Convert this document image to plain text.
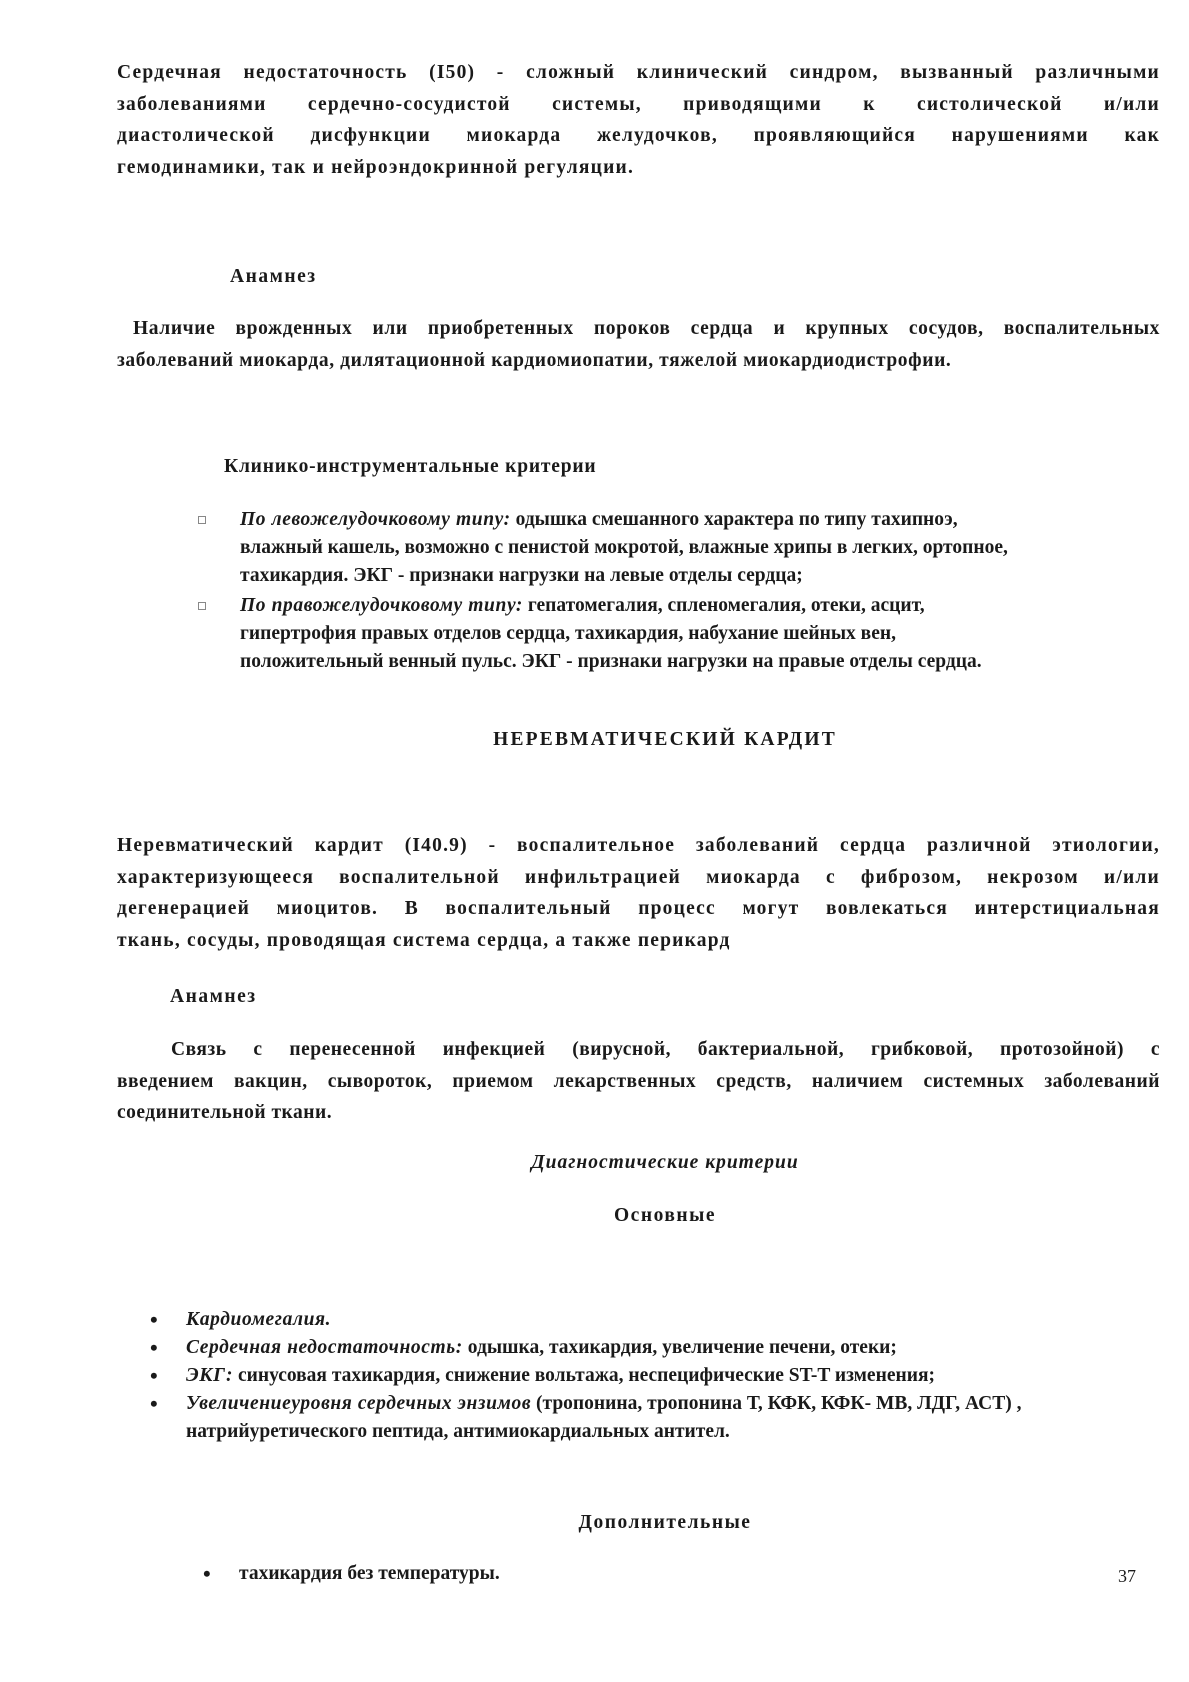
Сердечная недостаточность (I50) - сложный клинический синдром, вызванный различными
заболеваниями сердечно-сосудистой системы, приводящими к систолической и/или
диастолической дисфункции миокарда желудочков, проявляющийся нарушениями как
гемодинамики, так и нейроэндокринной регуляции.
Анамнез
Наличие врожденных или приобретенных пороков сердца и крупных сосудов, воспалительных
заболеваний миокарда, дилятационной кардиомиопатии, тяжелой миокардиодистрофии.
Клинико-инструментальные критерии
По левожелудочковому типу: одышка смешанного характера по типу тахипноэ,
влажный кашель, возможно с пенистой мокротой, влажные хрипы в легких, ортопное,
тахикардия. ЭКГ - признаки нагрузки на левые отделы сердца;
По правожелудочковому типу: гепатомегалия, спленомегалия, отеки, асцит,
гипертрофия правых отделов сердца, тахикардия, набухание шейных вен,
положительный венный пульс. ЭКГ - признаки нагрузки на правые отделы сердца.
НЕРЕВМАТИЧЕСКИЙ КАРДИТ
Неревматический кардит (I40.9) - воспалительное заболеваний сердца различной этиологии,
характеризующееся воспалительной инфильтрацией миокарда с фиброзом, некрозом и/или
дегенерацией миоцитов. В воспалительный процесс могут вовлекаться интерстициальная
ткань, сосуды, проводящая система сердца, а также перикард
Анамнез
Связь с перенесенной инфекцией (вирусной, бактериальной, грибковой, протозойной) с
введением вакцин, сывороток, приемом лекарственных средств, наличием системных заболеваний
соединительной ткани.
Диагностические критерии
Основные
• Кардиомегалия.
• Сердечная недостаточность: одышка, тахикардия, увеличение печени, отеки;
• ЭКГ: синусовая тахикардия, снижение вольтажа, неспецифические ST-T изменения;
• Увеличениеуровня сердечных энзимов (тропонина, тропонина Т, КФК, КФК- МВ, ЛДГ, АСТ) , натрийуретического пептида, антимиокардиальных антител.
Дополнительные
• тахикардия без температуры.	37
